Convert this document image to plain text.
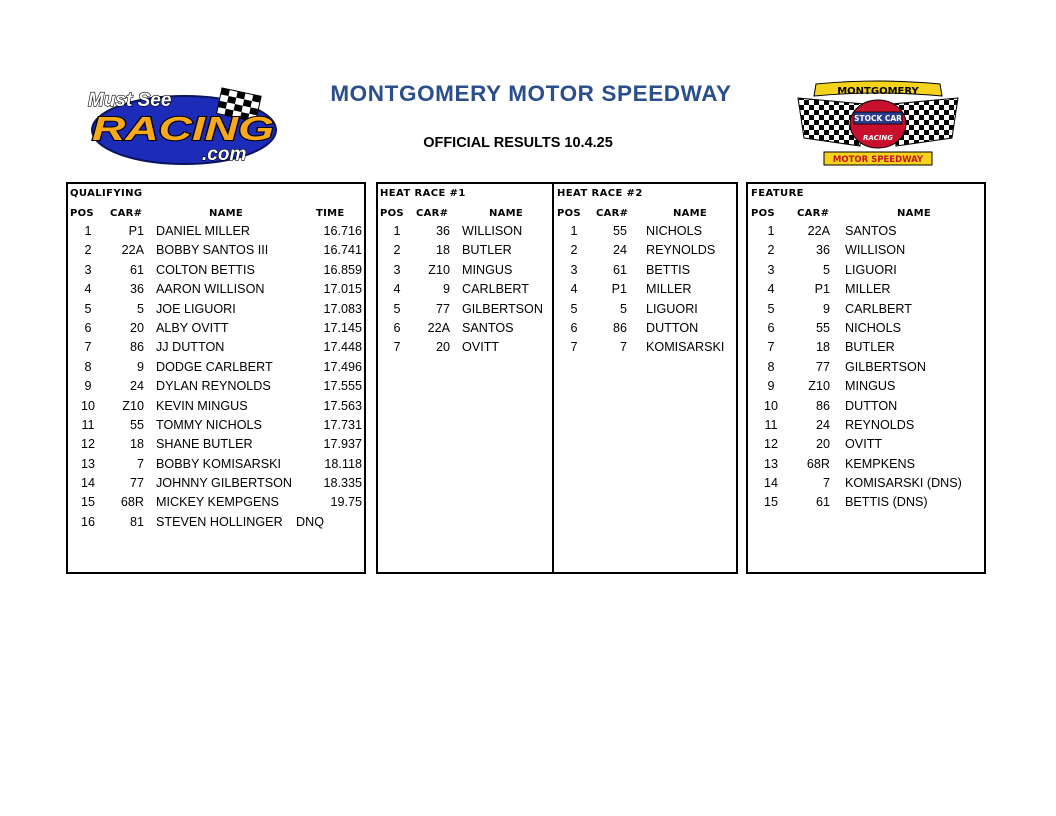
Must See
RACING
.com
STOCK CAR
RACING
MONTGOMERY
MOTOR SPEEDWAY
MONTGOMERY MOTOR SPEEDWAY
OFFICIAL RESULTS 10.4.25
QUALIFYING
POS CAR#	NAME	TIME
1	P1 DANIEL MILLER	16.716
2	22A BOBBY SANTOS III	16.741
3	61 COLTON BETTIS	16.859
4	36 AARON WILLISON	17.015
5	5 JOE LIGUORI	17.083
6	20 ALBY OVITT	17.145
7	86 JJ DUTTON	17.448
8	9 DODGE CARLBERT	17.496
9	24 DYLAN REYNOLDS	17.555
10	Z10 KEVIN MINGUS	17.563
11	55 TOMMY NICHOLS	17.731
12	18 SHANE BUTLER	17.937
13	7 BOBBY KOMISARSKI	18.118
14	77 JOHNNY GILBERTSON	18.335
15	68R MICKEY KEMPGENS	19.75
16	81 STEVEN HOLLINGER	DNQ
HEAT RACE #1
POS CAR#	NAME
1	36 WILLISON
2	18 BUTLER
3	Z10 MINGUS
4	9 CARLBERT
5	77 GILBERTSON
6	22A SANTOS
7	20 OVITT
HEAT RACE #2
POS CAR#	NAME
1	55 NICHOLS
2	24 REYNOLDS
3	61 BETTIS
4	P1 MILLER
5	5 LIGUORI
6	86 DUTTON
7	7 KOMISARSKI
FEATURE
POS CAR#	NAME
1	22A SANTOS
2	36 WILLISON
3	5 LIGUORI
4	P1 MILLER
5	9 CARLBERT
6	55 NICHOLS
7	18 BUTLER
8	77 GILBERTSON
9	Z10 MINGUS
10	86 DUTTON
11	24 REYNOLDS
12	20 OVITT
13	68R KEMPKENS
14	7 KOMISARSKI (DNS)
15	61 BETTIS (DNS)
